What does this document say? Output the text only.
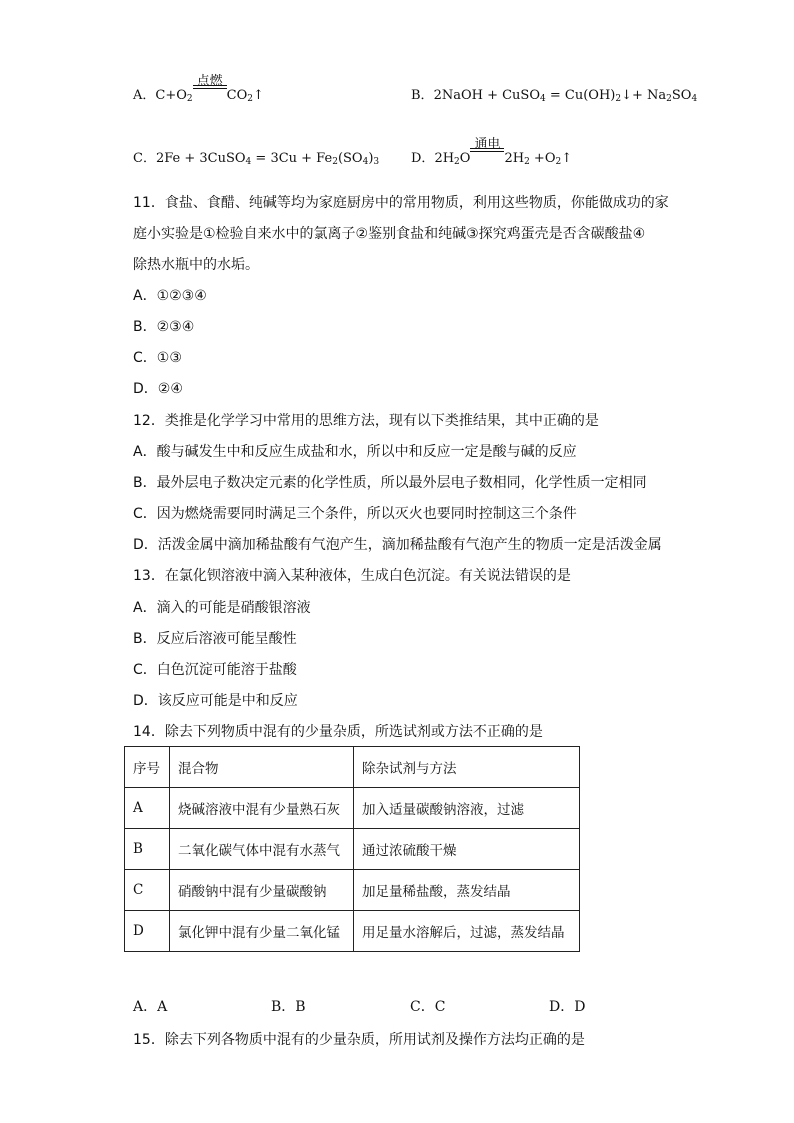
A．$C+O_2$
点燃
$CO_2↑$	B．2NaOH + CuSO$_4$ = $Cu(OH)_2↓+ Na_2SO_4$
C．2Fe + 3CuSO$_4$ = $3Cu + Fe_2(SO_4)_3$ D．$2H_2O$
通电
$2H_2$ $+O_2↑$
11．食盐、食醋、纯碱等均为家庭厨房中的常用物质，利用这些物质，你能做成功的家
庭小实验是①检验自来水中的氯离子②鉴别食盐和纯碱③探究鸡蛋壳是否含碳酸盐④
除热水瓶中的水垢。
A．①②③④
B．②③④
C．①③
D．②④
12．类推是化学学习中常用的思维方法，现有以下类推结果，其中正确的是
A．酸与碱发生中和反应生成盐和水，所以中和反应一定是酸与碱的反应
B．最外层电子数决定元素的化学性质，所以最外层电子数相同，化学性质一定相同
C．因为燃烧需要同时满足三个条件，所以灭火也要同时控制这三个条件
D．活泼金属中滴加稀盐酸有气泡产生，滴加稀盐酸有气泡产生的物质一定是活泼金属
13．在氯化钡溶液中滴入某种液体，生成白色沉淀。有关说法错误的是
A．滴入的可能是硝酸银溶液
B．反应后溶液可能呈酸性
C．白色沉淀可能溶于盐酸
D．该反应可能是中和反应
14．除去下列物质中混有的少量杂质，所选试剂或方法不正确的是
序号	混合物	除杂试剂与方法
A	烧碱溶液中混有少量熟石灰	加入适量碳酸钠溶液，过滤
B	二氧化碳气体中混有水蒸气	通过浓硫酸干燥
C	硝酸钠中混有少量碳酸钠	加足量稀盐酸，蒸发结晶
D	氯化钾中混有少量二氧化锰	用足量水溶解后，过滤，蒸发结晶
A．A	B．B	C．C	D．D
15．除去下列各物质中混有的少量杂质，所用试剂及操作方法均正确的是
